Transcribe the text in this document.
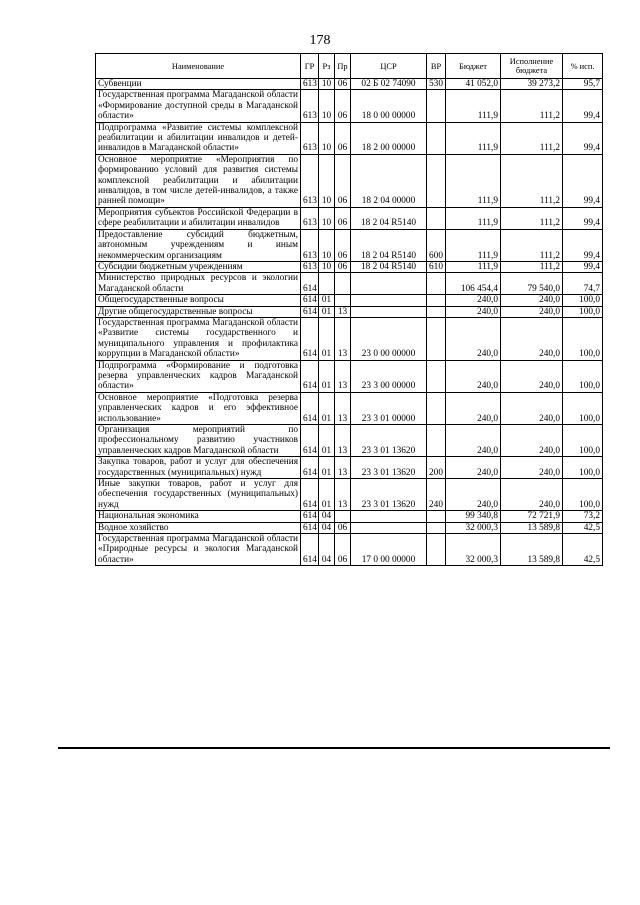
178
Наименование	ГР	Рз	Пр	ЦСР	ВР	Бюджет	Исполнение бюджета	% исп.
Субвенции	613	10	06	02 Б 02 74090	530	41 052,0	39 273,2	95,7
Государственная программа Магаданской области «Формирование доступной среды в Магаданской области»	613	10	06	18 0 00 00000		111,9	111,2	99,4
Подпрограмма «Развитие системы комплексной реабилитации и абилитации инвалидов и детей-инвалидов в Магаданской области»	613	10	06	18 2 00 00000		111,9	111,2	99,4
Основное мероприятие «Мероприятия по формированию условий для развития системы комплексной реабилитации и абилитации инвалидов, в том числе детей-инвалидов, а также ранней помощи»	613	10	06	18 2 04 00000		111,9	111,2	99,4
Мероприятия субъектов Российской Федерации в сфере реабилитации и абилитации инвалидов	613	10	06	18 2 04 R5140		111,9	111,2	99,4
Предоставление субсидий бюджетным, автономным учреждениям и иным некоммерческим организациям	613	10	06	18 2 04 R5140	600	111,9	111,2	99,4
Субсидии бюджетным учреждениям	613	10	06	18 2 04 R5140	610	111,9	111,2	99,4
Министерство природных ресурсов и экологии Магаданской области	614					106 454,4	79 540,0	74,7
Общегосударственные вопросы	614	01				240,0	240,0	100,0
Другие общегосударственные вопросы	614	01	13			240,0	240,0	100,0
Государственная программа Магаданской области «Развитие системы государственного и муниципального управления и профилактика коррупции в Магаданской области»	614	01	13	23 0 00 00000		240,0	240,0	100,0
Подпрограмма «Формирование и подготовка резерва управленческих кадров Магаданской области»	614	01	13	23 3 00 00000		240,0	240,0	100,0
Основное мероприятие «Подготовка резерва управленческих кадров и его эффективное использование»	614	01	13	23 3 01 00000		240,0	240,0	100,0
Организация мероприятий по профессиональному развитию участников управленческих кадров Магаданской области	614	01	13	23 3 01 13620		240,0	240,0	100,0
Закупка товаров, работ и услуг для обеспечения государственных (муниципальных) нужд	614	01	13	23 3 01 13620	200	240,0	240,0	100,0
Иные закупки товаров, работ и услуг для обеспечения государственных (муниципальных) нужд	614	01	13	23 3 01 13620	240	240,0	240,0	100,0
Национальная экономика	614	04				99 340,8	72 721,9	73,2
Водное хозяйство	614	04	06			32 000,3	13 589,8	42,5
Государственная программа Магаданской области «Природные ресурсы и экология Магаданской области»	614	04	06	17 0 00 00000		32 000,3	13 589,8	42,5
